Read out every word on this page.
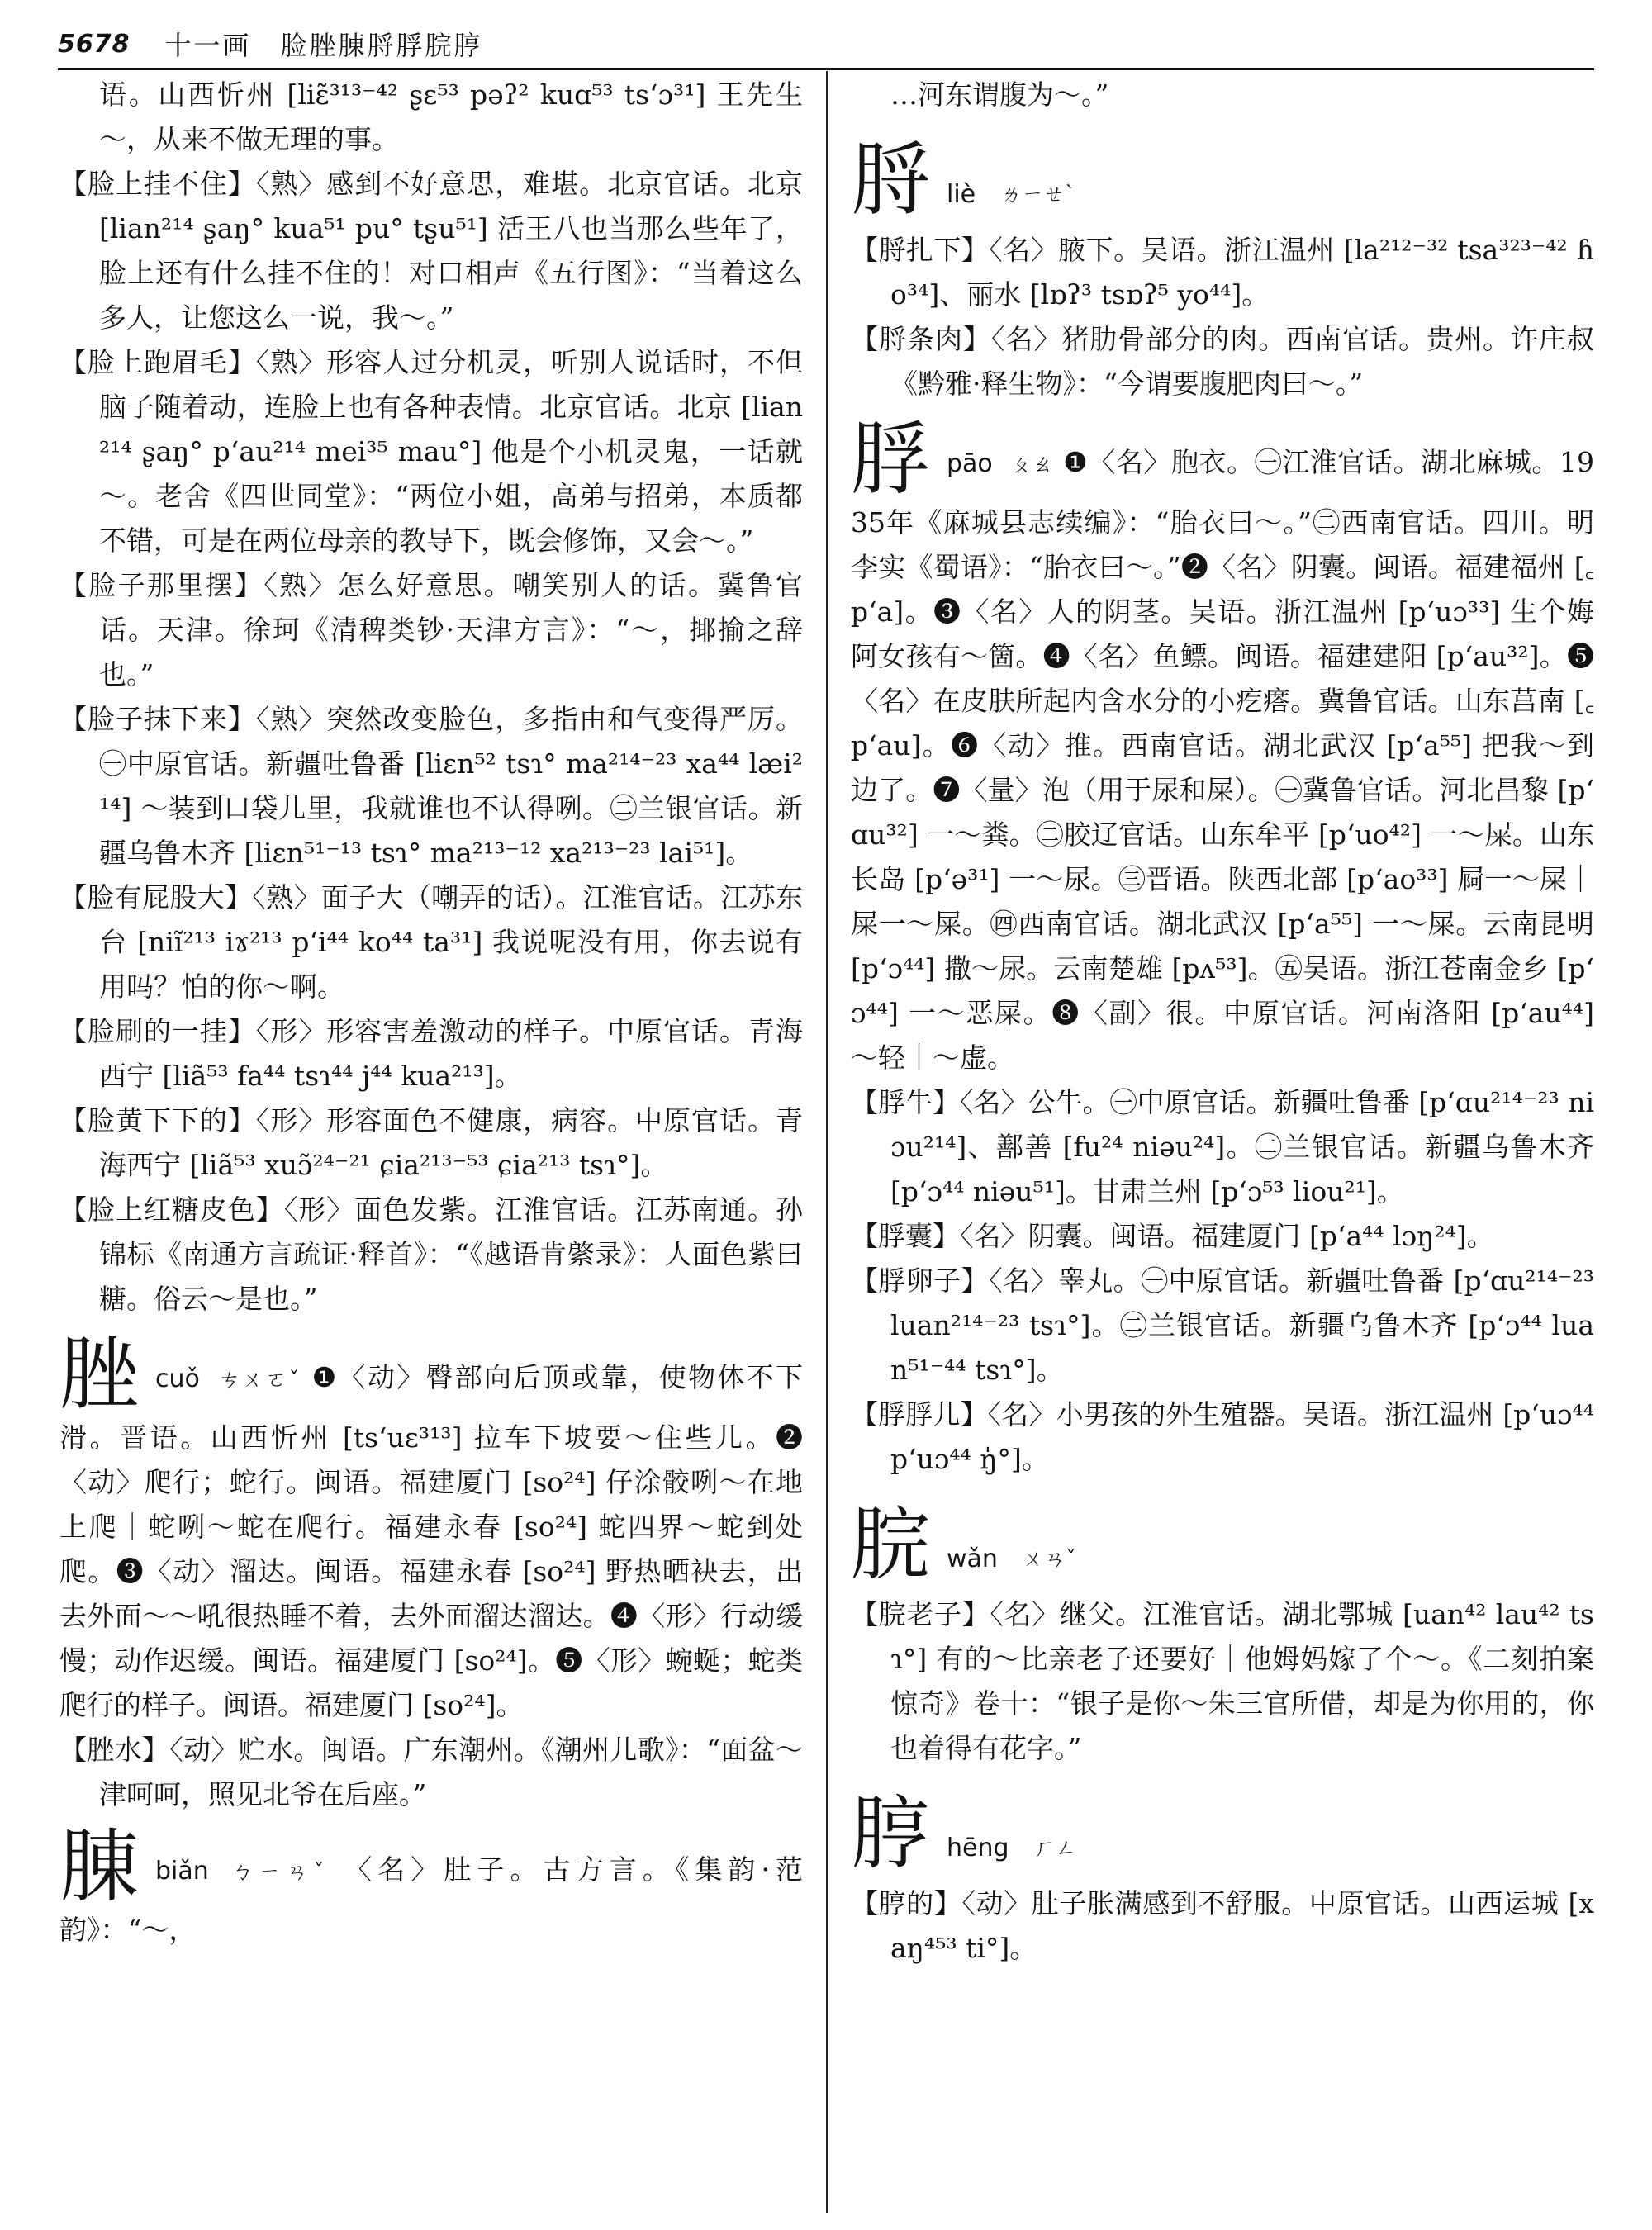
5678 十一画　脸脞腖脟脬脘脝

语。山西忻州 [liɛ̃³¹³⁻⁴² ʂɛ⁵³ pəʔ² kuɑ⁵³ tsʻɔ³¹] 王先生～，从来不做无理的事。

【脸上挂不住】〈熟〉感到不好意思，难堪。北京官话。北京 [lian²¹⁴ ʂaŋ° kua⁵¹ pu° tʂu⁵¹] 活王八也当那么些年了，脸上还有什么挂不住的！对口相声《五行图》：“当着这么多人，让您这么一说，我～。”

【脸上跑眉毛】〈熟〉形容人过分机灵，听别人说话时，不但脑子随着动，连脸上也有各种表情。北京官话。北京 [lian²¹⁴ ʂaŋ° pʻau²¹⁴ mei³⁵ mau°] 他是个小机灵鬼，一话就～。老舍《四世同堂》：“两位小姐，高弟与招弟，本质都不错，可是在两位母亲的教导下，既会修饰，又会～。”

【脸子那里摆】〈熟〉怎么好意思。嘲笑别人的话。冀鲁官话。天津。徐珂《清稗类钞·天津方言》：“～，揶揄之辞也。”

【脸子抹下来】〈熟〉突然改变脸色，多指由和气变得严厉。㊀中原官话。新疆吐鲁番 [liɛn⁵² tsɿ° ma²¹⁴⁻²³ xa⁴⁴ læi²¹⁴] ～装到口袋儿里，我就谁也不认得咧。㊁兰银官话。新疆乌鲁木齐 [liɛn⁵¹⁻¹³ tsɿ° ma²¹³⁻¹² xa²¹³⁻²³ lai⁵¹]。

【脸有屁股大】〈熟〉面子大（嘲弄的话）。江淮官话。江苏东台 [niĩ²¹³ iɤ²¹³ pʻi⁴⁴ ko⁴⁴ ta³¹] 我说呢没有用，你去说有用吗？怕的你～啊。

【脸刷的一挂】〈形〉形容害羞激动的样子。中原官话。青海西宁 [liã⁵³ fa⁴⁴ tsɿ⁴⁴ j⁴⁴ kua²¹³]。

【脸黄下下的】〈形〉形容面色不健康，病容。中原官话。青海西宁 [liã⁵³ xuɔ̃²⁴⁻²¹ ɕia²¹³⁻⁵³ ɕia²¹³ tsɿ°]。

【脸上红糖皮色】〈形〉面色发紫。江淮官话。江苏南通。孙锦标《南通方言疏证·释首》：“《越语肯綮录》：人面色紫曰糖。俗云～是也。”

脞cuǒ ㄘㄨㄛˇ ❶〈动〉臀部向后顶或靠，使物体不下滑。晋语。山西忻州 [tsʻuɛ³¹³] 拉车下坡要～住些儿。❷〈动〉爬行；蛇行。闽语。福建厦门 [so²⁴] 仔涂骹咧～在地上爬｜蛇咧～蛇在爬行。福建永春 [so²⁴] 蛇四界～蛇到处爬。❸〈动〉溜达。闽语。福建永春 [so²⁴] 野热晒袂去，出去外面～～吼很热睡不着，去外面溜达溜达。❹〈形〉行动缓慢；动作迟缓。闽语。福建厦门 [so²⁴]。❺〈形〉蜿蜒；蛇类爬行的样子。闽语。福建厦门 [so²⁴]。

【脞水】〈动〉贮水。闽语。广东潮州。《潮州儿歌》：“面盆～津呵呵，照见北爷在后座。”

腖biǎn ㄅㄧㄢˇ 〈名〉肚子。古方言。《集韵·范韵》：“～，

…河东谓腹为～。”

脟 liè ㄌㄧㄝˋ

【脟扎下】〈名〉腋下。吴语。浙江温州 [la²¹²⁻³² tsa³²³⁻⁴² ɦo³⁴]、丽水 [lɒʔ³ tsɒʔ⁵ yo⁴⁴]。

【脟条肉】〈名〉猪肋骨部分的肉。西南官话。贵州。许庄叔《黔雅·释生物》：“今谓要腹肥肉曰～。”

脬pāo ㄆㄠ ❶〈名〉胞衣。㊀江淮官话。湖北麻城。1935年《麻城县志续编》：“胎衣曰～。”㊁西南官话。四川。明李实《蜀语》：“胎衣曰～。”❷〈名〉阴囊。闽语。福建福州 [꜀pʻa]。❸〈名〉人的阴茎。吴语。浙江温州 [pʻuɔ³³] 生个娒阿女孩有～箇。❹〈名〉鱼鳔。闽语。福建建阳 [pʻau³²]。❺〈名〉在皮肤所起内含水分的小疙瘩。冀鲁官话。山东莒南 [꜀pʻau]。❻〈动〉推。西南官话。湖北武汉 [pʻa⁵⁵] 把我～到边了。❼〈量〉泡（用于尿和屎）。㊀冀鲁官话。河北昌黎 [pʻɑu³²] 一～粪。㊁胶辽官话。山东牟平 [pʻuo⁴²] 一～屎。山东长岛 [pʻə³¹] 一～尿。㊂晋语。陕西北部 [pʻao³³] 屙一～屎｜屎一～屎。㊃西南官话。湖北武汉 [pʻa⁵⁵] 一～屎。云南昆明 [pʻɔ⁴⁴] 撒～尿。云南楚雄 [pʌ⁵³]。㊄吴语。浙江苍南金乡 [pʻɔ⁴⁴] 一～恶屎。❽〈副〉很。中原官话。河南洛阳 [pʻau⁴⁴] ～轻｜～虚。

【脬牛】〈名〉公牛。㊀中原官话。新疆吐鲁番 [pʻɑu²¹⁴⁻²³ niɔu²¹⁴]、鄯善 [fu²⁴ niəu²⁴]。㊁兰银官话。新疆乌鲁木齐 [pʻɔ⁴⁴ niəu⁵¹]。甘肃兰州 [pʻɔ⁵³ liou²¹]。

【脬囊】〈名〉阴囊。闽语。福建厦门 [pʻa⁴⁴ lɔŋ²⁴]。

【脬卵子】〈名〉睾丸。㊀中原官话。新疆吐鲁番 [pʻɑu²¹⁴⁻²³ luan²¹⁴⁻²³ tsɿ°]。㊁兰银官话。新疆乌鲁木齐 [pʻɔ⁴⁴ luan⁵¹⁻⁴⁴ tsɿ°]。

【脬脬儿】〈名〉小男孩的外生殖器。吴语。浙江温州 [pʻuɔ⁴⁴ pʻuɔ⁴⁴ ŋ̍°]。

脘 wǎn ㄨㄢˇ

【脘老子】〈名〉继父。江淮官话。湖北鄂城 [uan⁴² lau⁴² tsɿ°] 有的～比亲老子还要好｜他姆妈嫁了个～。《二刻拍案惊奇》卷十：“银子是你～朱三官所借，却是为你用的，你也着得有花字。”

脝 hēng ㄏㄥ

【脝的】〈动〉肚子胀满感到不舒服。中原官话。山西运城 [xaŋ⁴⁵³ ti°]。
